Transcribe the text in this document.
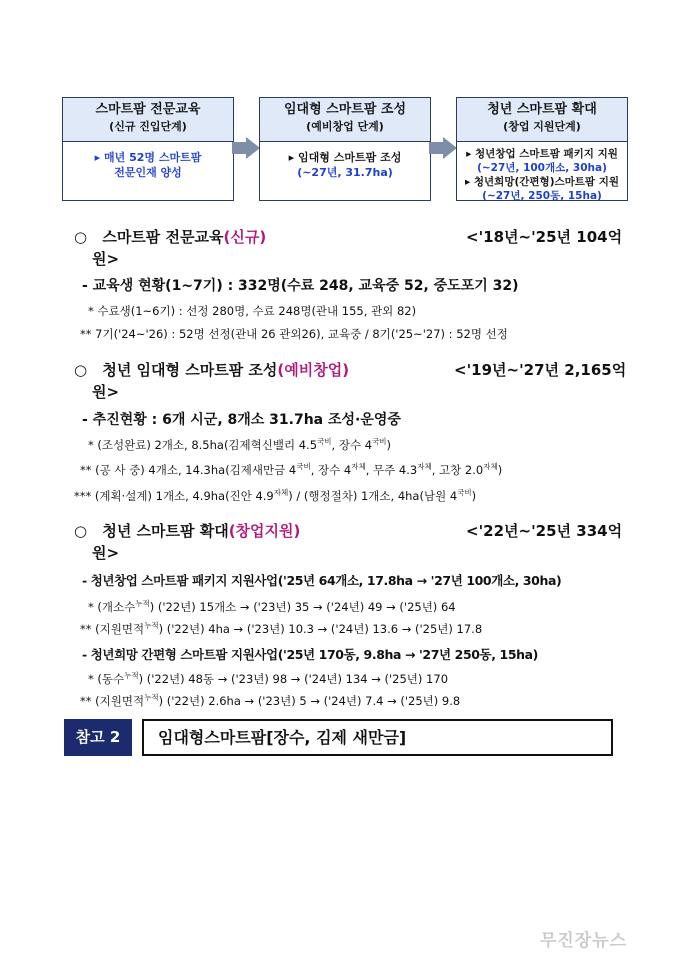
스마트팜 전문교육
(신규 진입단계)
▸ 매년 52명 스마트팜
전문인재 양성
임대형 스마트팜 조성
(예비창업 단계)
▸ 임대형 스마트팜 조성
(~27년, 31.7ha)
청년 스마트팜 확대
(창업 지원단계)
▸ 청년창업 스마트팜 패키지 지원
(~27년, 100개소, 30ha)
▸ 청년희망(간편형)스마트팜 지원
(~27년, 250동, 15ha)
○ 스마트팜 전문교육(신규)	<'18년~'25년 104억
원>
- 교육생 현황(1~7기) : 332명(수료 248, 교육중 52, 중도포기 32)
* 수료생(1~6기) : 선정 280명, 수료 248명(관내 155, 관외 82)
** 7기('24~'26) : 52명 선정(관내 26 관외26), 교육중 / 8기('25~'27) : 52명 선정
○ 청년 임대형 스마트팜 조성(예비창업)	<'19년~'27년 2,165억
원>
- 추진현황 : 6개 시군, 8개소 31.7ha 조성·운영중
* (조성완료) 2개소, 8.5ha(김제혁신밸리 $4.5^{국비}$, 장수 $4^{국비}$)
** (공 사 중) 4개소, 14.3ha(김제새만금 $4^{국비}$, 장수 $4^{자체}$, 무주 $4.3^{자체}$, 고창 $2.0^{자체}$)
*** (계획·설계) 1개소, 4.9ha(진안 $4.9^{자체}$) / (행정절차) 1개소, 4ha(남원 $4^{국비}$)
○ 청년 스마트팜 확대(창업지원)	<'22년~'25년 334억
원>
- 청년창업 스마트팜 패키지 지원사업('25년 64개소, 17.8ha → '27년 100개소, 30ha)
* (개소수$^{누적}$) ('22년) 15개소 → ('23년) 35 → ('24년) 49 → ('25년) 64
** (지원면적$^{누적}$) ('22년) 4ha → ('23년) 10.3 → ('24년) 13.6 → ('25년) 17.8
- 청년희망 간편형 스마트팜 지원사업('25년 170동, 9.8ha → '27년 250동, 15ha)
* (동수$^{누적}$) ('22년) 48동 → ('23년) 98 → ('24년) 134 → ('25년) 170
** (지원면적$^{누적}$) ('22년) 2.6ha → ('23년) 5 → ('24년) 7.4 → ('25년) 9.8
참고 2	임대형스마트팜[장수, 김제 새만금]
무진장뉴스
